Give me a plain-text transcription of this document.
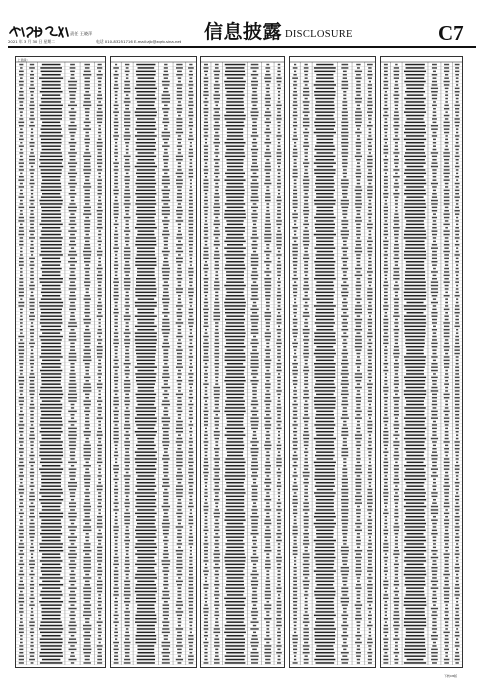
责任 王晓萍
2021 年 3 月 30 日 星期二	电话 010-83251716 E-mail:zjb@zqrb.sina.net 信息披露 DISCLOSURE	C7
上表续：
下转C8版
